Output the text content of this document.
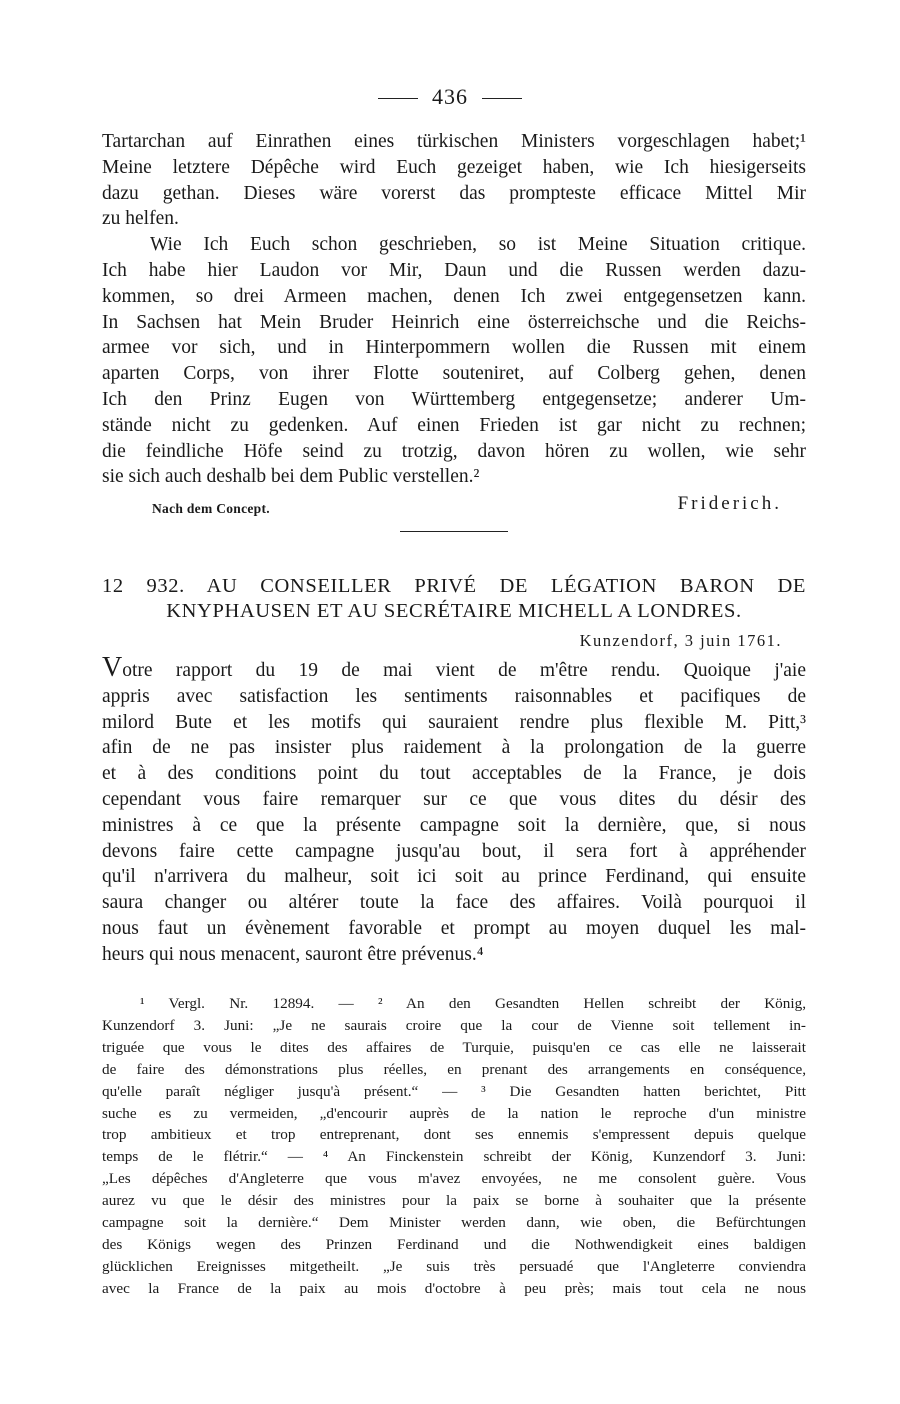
436
Tartarchan auf Einrathen eines türkischen Ministers vorgeschlagen habet;¹
Meine letztere Dépêche wird Euch gezeiget haben, wie Ich hiesigerseits
dazu gethan. Dieses wäre vorerst das prompteste efficace Mittel Mir
zu helfen.
Wie Ich Euch schon geschrieben, so ist Meine Situation critique.
Ich habe hier Laudon vor Mir, Daun und die Russen werden dazu-
kommen, so drei Armeen machen, denen Ich zwei entgegensetzen kann.
In Sachsen hat Mein Bruder Heinrich eine österreichsche und die Reichs-
armee vor sich, und in Hinterpommern wollen die Russen mit einem
aparten Corps, von ihrer Flotte souteniret, auf Colberg gehen, denen
Ich den Prinz Eugen von Württemberg entgegensetze; anderer Um-
stände nicht zu gedenken. Auf einen Frieden ist gar nicht zu rechnen;
die feindliche Höfe seind zu trotzig, davon hören zu wollen, wie sehr
sie sich auch deshalb bei dem Public verstellen.²
Nach dem Concept.	Friderich.
12 932. AU CONSEILLER PRIVÉ DE LÉGATION BARON DE
KNYPHAUSEN ET AU SECRÉTAIRE MICHELL A LONDRES.
Kunzendorf, 3 juin 1761.
Votre rapport du 19 de mai vient de m'être rendu. Quoique j'aie
appris avec satisfaction les sentiments raisonnables et pacifiques de
milord Bute et les motifs qui sauraient rendre plus flexible M. Pitt,³
afin de ne pas insister plus raidement à la prolongation de la guerre
et à des conditions point du tout acceptables de la France, je dois
cependant vous faire remarquer sur ce que vous dites du désir des
ministres à ce que la présente campagne soit la dernière, que, si nous
devons faire cette campagne jusqu'au bout, il sera fort à appréhender
qu'il n'arrivera du malheur, soit ici soit au prince Ferdinand, qui ensuite
saura changer ou altérer toute la face des affaires. Voilà pourquoi il
nous faut un évènement favorable et prompt au moyen duquel les mal-
heurs qui nous menacent, sauront être prévenus.⁴
¹ Vergl. Nr. 12894. — ² An den Gesandten Hellen schreibt der König,
Kunzendorf 3. Juni: „Je ne saurais croire que la cour de Vienne soit tellement in-
triguée que vous le dites des affaires de Turquie, puisqu'en ce cas elle ne laisserait
de faire des démonstrations plus réelles, en prenant des arrangements en conséquence,
qu'elle paraît négliger jusqu'à présent.“ — ³ Die Gesandten hatten berichtet, Pitt
suche es zu vermeiden, „d'encourir auprès de la nation le reproche d'un ministre
trop ambitieux et trop entreprenant, dont ses ennemis s'empressent depuis quelque
temps de le flétrir.“ — ⁴ An Finckenstein schreibt der König, Kunzendorf 3. Juni:
„Les dépêches d'Angleterre que vous m'avez envoyées, ne me consolent guère. Vous
aurez vu que le désir des ministres pour la paix se borne à souhaiter que la présente
campagne soit la dernière.“ Dem Minister werden dann, wie oben, die Befürchtungen
des Königs wegen des Prinzen Ferdinand und die Nothwendigkeit eines baldigen
glücklichen Ereignisses mitgetheilt. „Je suis très persuadé que l'Angleterre conviendra
avec la France de la paix au mois d'octobre à peu près; mais tout cela ne nous
